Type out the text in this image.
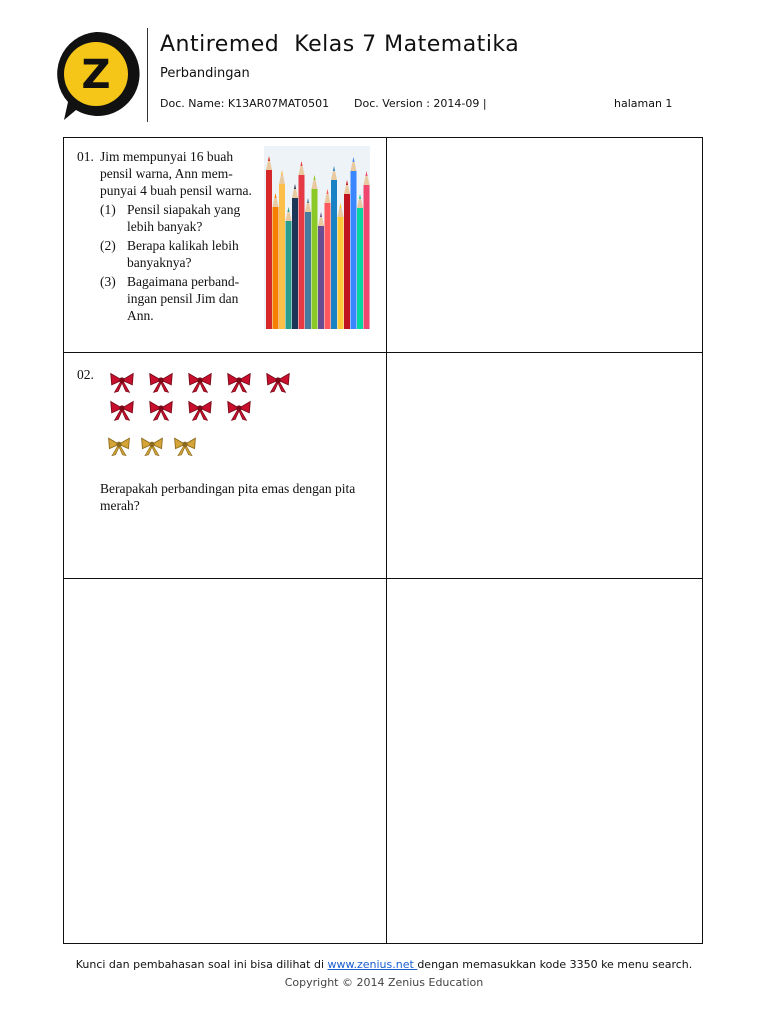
Z
Antiremed  Kelas 7 Matematika
Perbandingan
Doc. Name: K13AR07MAT0501 Doc. Version : 2014-09 |	halaman 1
01. Jim mempunyai 16 buah pensil warna, Ann mem-punyai 4 buah pensil warna.
(1) Pensil siapakah yang lebih banyak?
(2) Berapa kalikah lebih banyaknya?
(3) Bagaimana perband-ingan pensil Jim dan Ann.
02.
Berapakah perbandingan pita emas dengan pita merah?
Kunci dan pembahasan soal ini bisa dilihat di www.zenius.net dengan memasukkan kode 3350 ke menu search.
Copyright © 2014 Zenius Education
